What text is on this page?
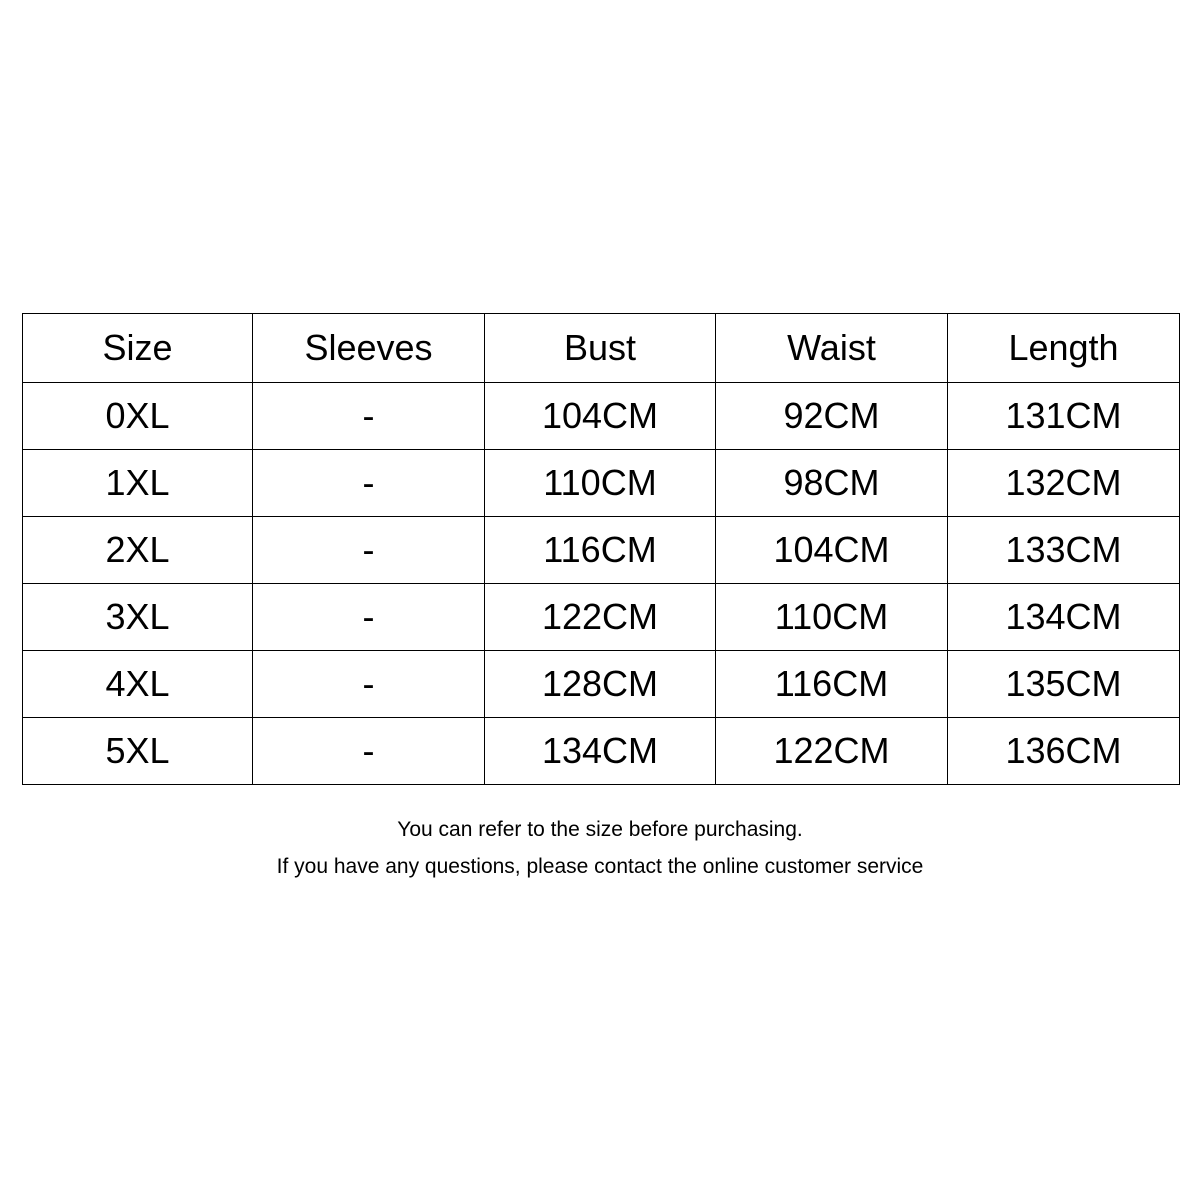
Size	Sleeves	Bust	Waist	Length
0XL	-	104CM	92CM	131CM
1XL	-	110CM	98CM	132CM
2XL	-	116CM	104CM	133CM
3XL	-	122CM	110CM	134CM
4XL	-	128CM	116CM	135CM
5XL	-	134CM	122CM	136CM
You can refer to the size before purchasing.
If you have any questions, please contact the online customer service
